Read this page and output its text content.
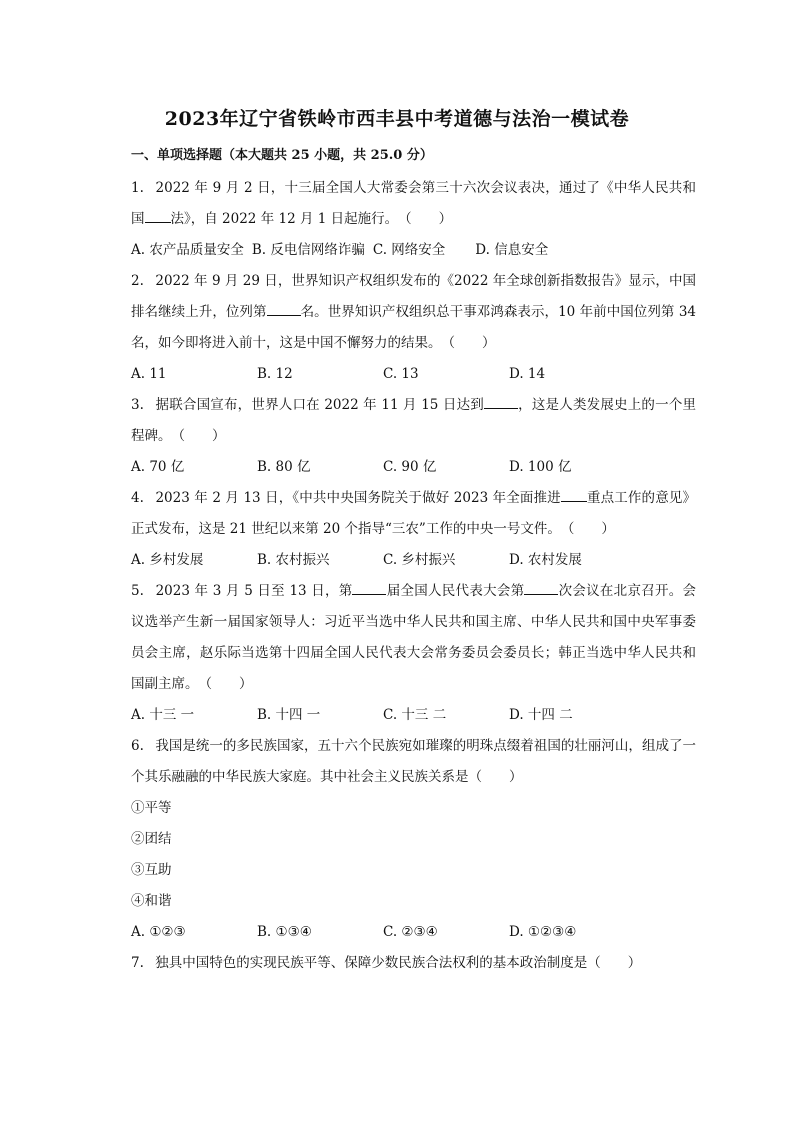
2023年辽宁省铁岭市西丰县中考道德与法治一模试卷
一、单项选择题（本大题共 25 小题，共 25.0 分）
1. 2022 年 9 月 2 日，十三届全国人大常委会第三十六次会议表决，通过了《中华人民共和国 法》，自 2022 年 12 月 1 日起施行。（　　）
A. 农产品质量安全 B. 反电信网络诈骗 C. 网络安全 D. 信息安全
2. 2022 年 9 月 29 日，世界知识产权组织发布的《2022 年全球创新指数报告》显示，中国排名继续上升，位列第	名。世界知识产权组织总干事邓鸿森表示，10 年前中国位列第 34 名，如今即将进入前十，这是中国不懈努力的结果。（　　）
A. 11	B. 12	C. 13	D. 14
3. 据联合国宣布，世界人口在 2022 年 11 月 15 日达到	，这是人类发展史上的一个里程碑。（　　）
A. 70 亿	B. 80 亿	C. 90 亿	D. 100 亿
4. 2023 年 2 月 13 日，《中共中央国务院关于做好 2023 年全面推进 重点工作的意见》正式发布，这是 21 世纪以来第 20 个指导“三农”工作的中央一号文件。（　　）
A. 乡村发展	B. 农村振兴	C. 乡村振兴	D. 农村发展
5. 2023 年 3 月 5 日至 13 日，第	届全国人民代表大会第	次会议在北京召开。会议选举产生新一届国家领导人：习近平当选中华人民共和国主席、中华人民共和国中央军事委员会主席，赵乐际当选第十四届全国人民代表大会常务委员会委员长；韩正当选中华人民共和国副主席。（　　）
A. 十三 一	B. 十四 一	C. 十三 二	D. 十四 二
6. 我国是统一的多民族国家，五十六个民族宛如璀璨的明珠点缀着祖国的壮丽河山，组成了一个其乐融融的中华民族大家庭。其中社会主义民族关系是（　　）
①平等
②团结
③互助
④和谐
A. ①②③	B. ①③④	C. ②③④	D. ①②③④
7. 独具中国特色的实现民族平等、保障少数民族合法权利的基本政治制度是（　　）
